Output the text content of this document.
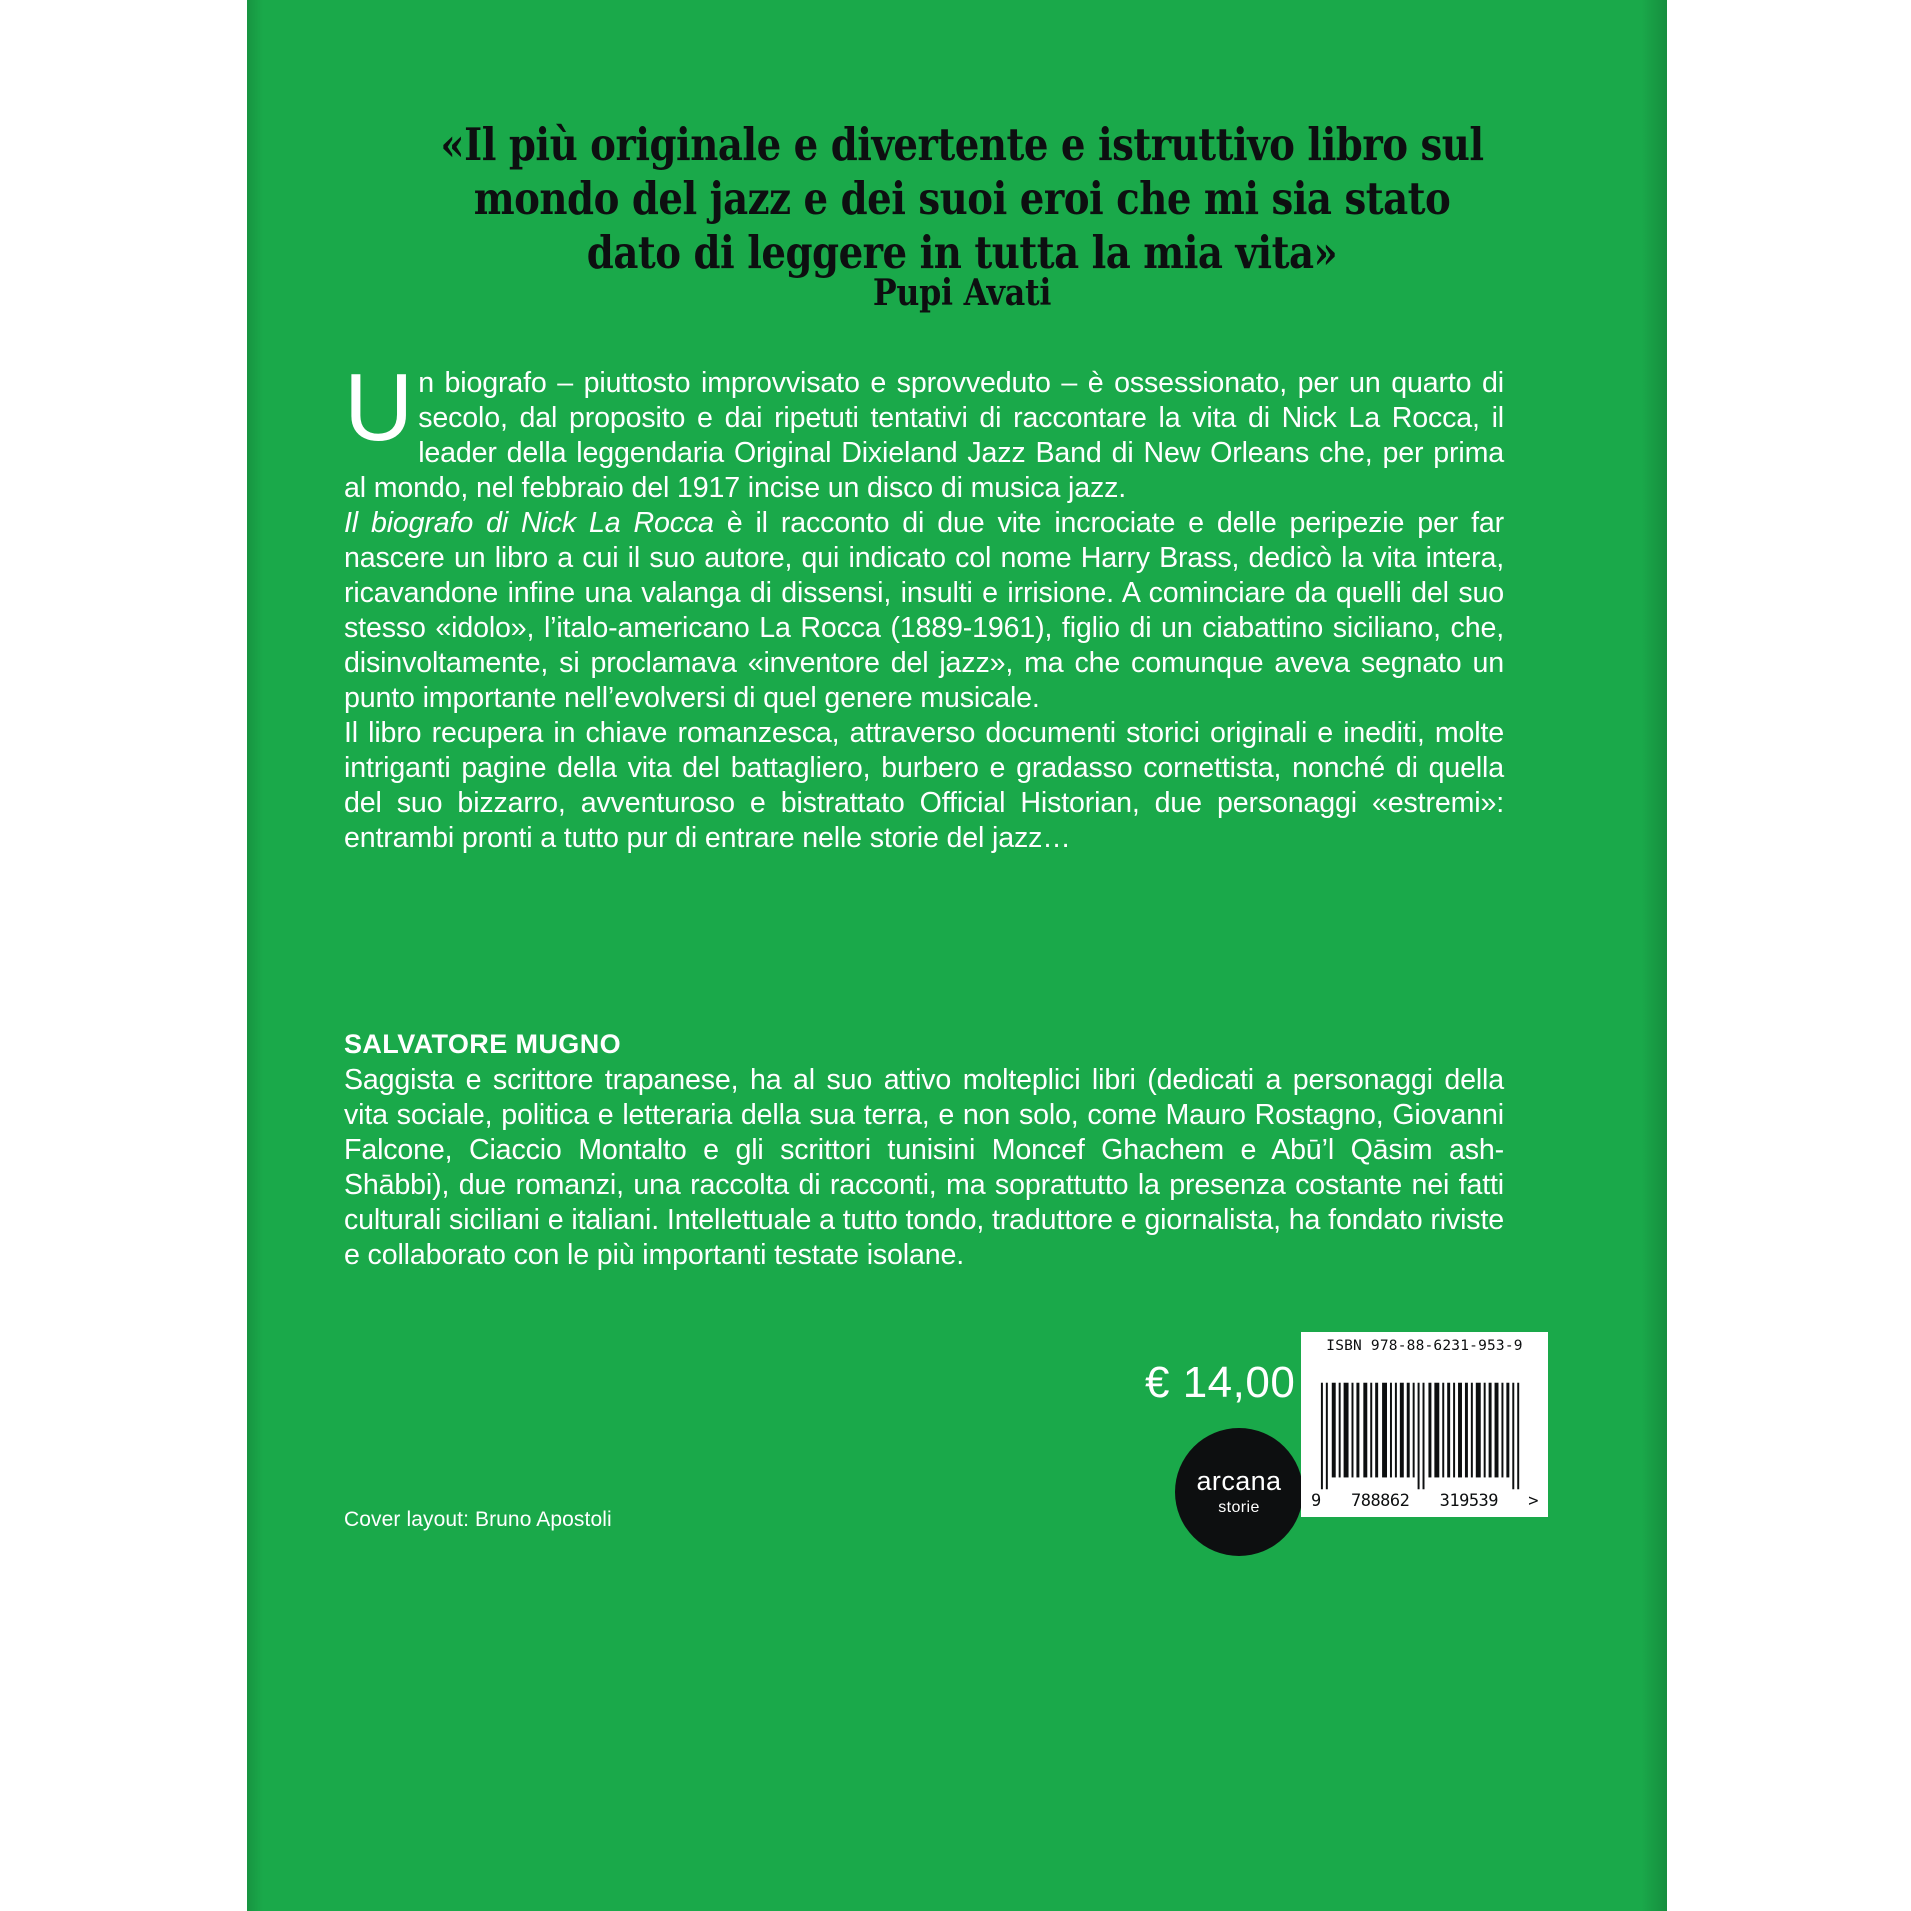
«Il più originale e divertente e istruttivo libro sul mondo del jazz e dei suoi eroi che mi sia stato dato di leggere in tutta la mia vita»
Pupi Avati

Un biografo – piuttosto improvvisato e sprovveduto – è ossessionato, per un quarto di secolo, dal proposito e dai ripetuti tentativi di raccontare la vita di Nick La Rocca, il leader della leggendaria Original Dixieland Jazz Band di New Orleans che, per prima al mondo, nel febbraio del 1917 incise un disco di musica jazz.

Il biografo di Nick La Rocca è il racconto di due vite incrociate e delle peripezie per far nascere un libro a cui il suo autore, qui indicato col nome Harry Brass, dedicò la vita intera, ricavandone infine una valanga di dissensi, insulti e irrisione. A cominciare da quelli del suo stesso «idolo», l’italo-americano La Rocca (1889-1961), figlio di un ciabattino siciliano, che, disinvoltamente, si proclamava «inventore del jazz», ma che comunque aveva segnato un punto importante nell’evolversi di quel genere musicale.

Il libro recupera in chiave romanzesca, attraverso documenti storici originali e inediti, molte intriganti pagine della vita del battagliero, burbero e gradasso cornettista, nonché di quella del suo bizzarro, avventuroso e bistrattato Official Historian, due personaggi «estremi»: entrambi pronti a tutto pur di entrare nelle storie del jazz…

SALVATORE MUGNO

Saggista e scrittore trapanese, ha al suo attivo molteplici libri (dedicati a personaggi della vita sociale, politica e letteraria della sua terra, e non solo, come Mauro Rostagno, Giovanni Falcone, Ciaccio Montalto e gli scrittori tunisini Moncef Ghachem e Abū’l Qāsim ash-Shābbi), due romanzi, una raccolta di racconti, ma soprattutto la presenza costante nei fatti culturali siciliani e italiani. Intellettuale a tutto tondo, traduttore e giornalista, ha fondato riviste e collaborato con le più importanti testate isolane.

€ 14,00
arcana
storie
ISBN 978-88-6231-953-9
9 788862 319539 >
Cover layout: Bruno Apostoli
